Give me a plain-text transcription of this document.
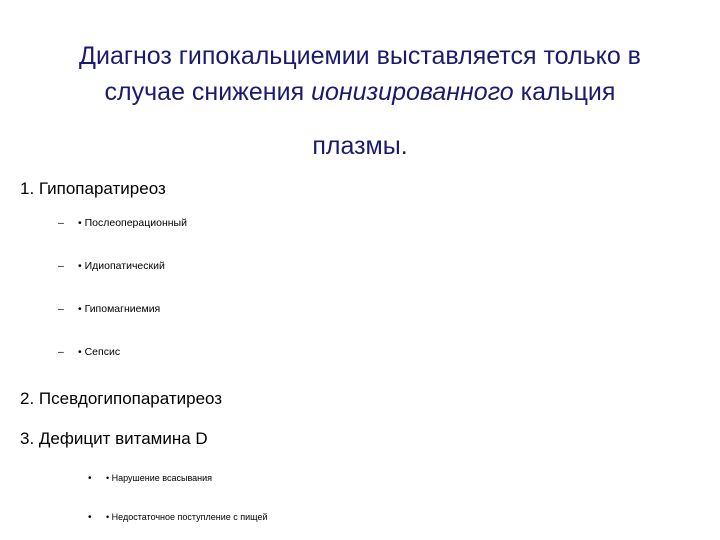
Диагноз гипокальциемии выставляется только в
случае снижения ионизированного кальция
плазмы.
1. Гипопаратиреоз
– • Послеоперационный
– • Идиопатический
– • Гипомагниемия
– • Сепсис
2. Псевдогипопаратиреоз
3. Дефицит витамина D
• • Нарушение всасывания
• • Недостаточное поступление с пищей
